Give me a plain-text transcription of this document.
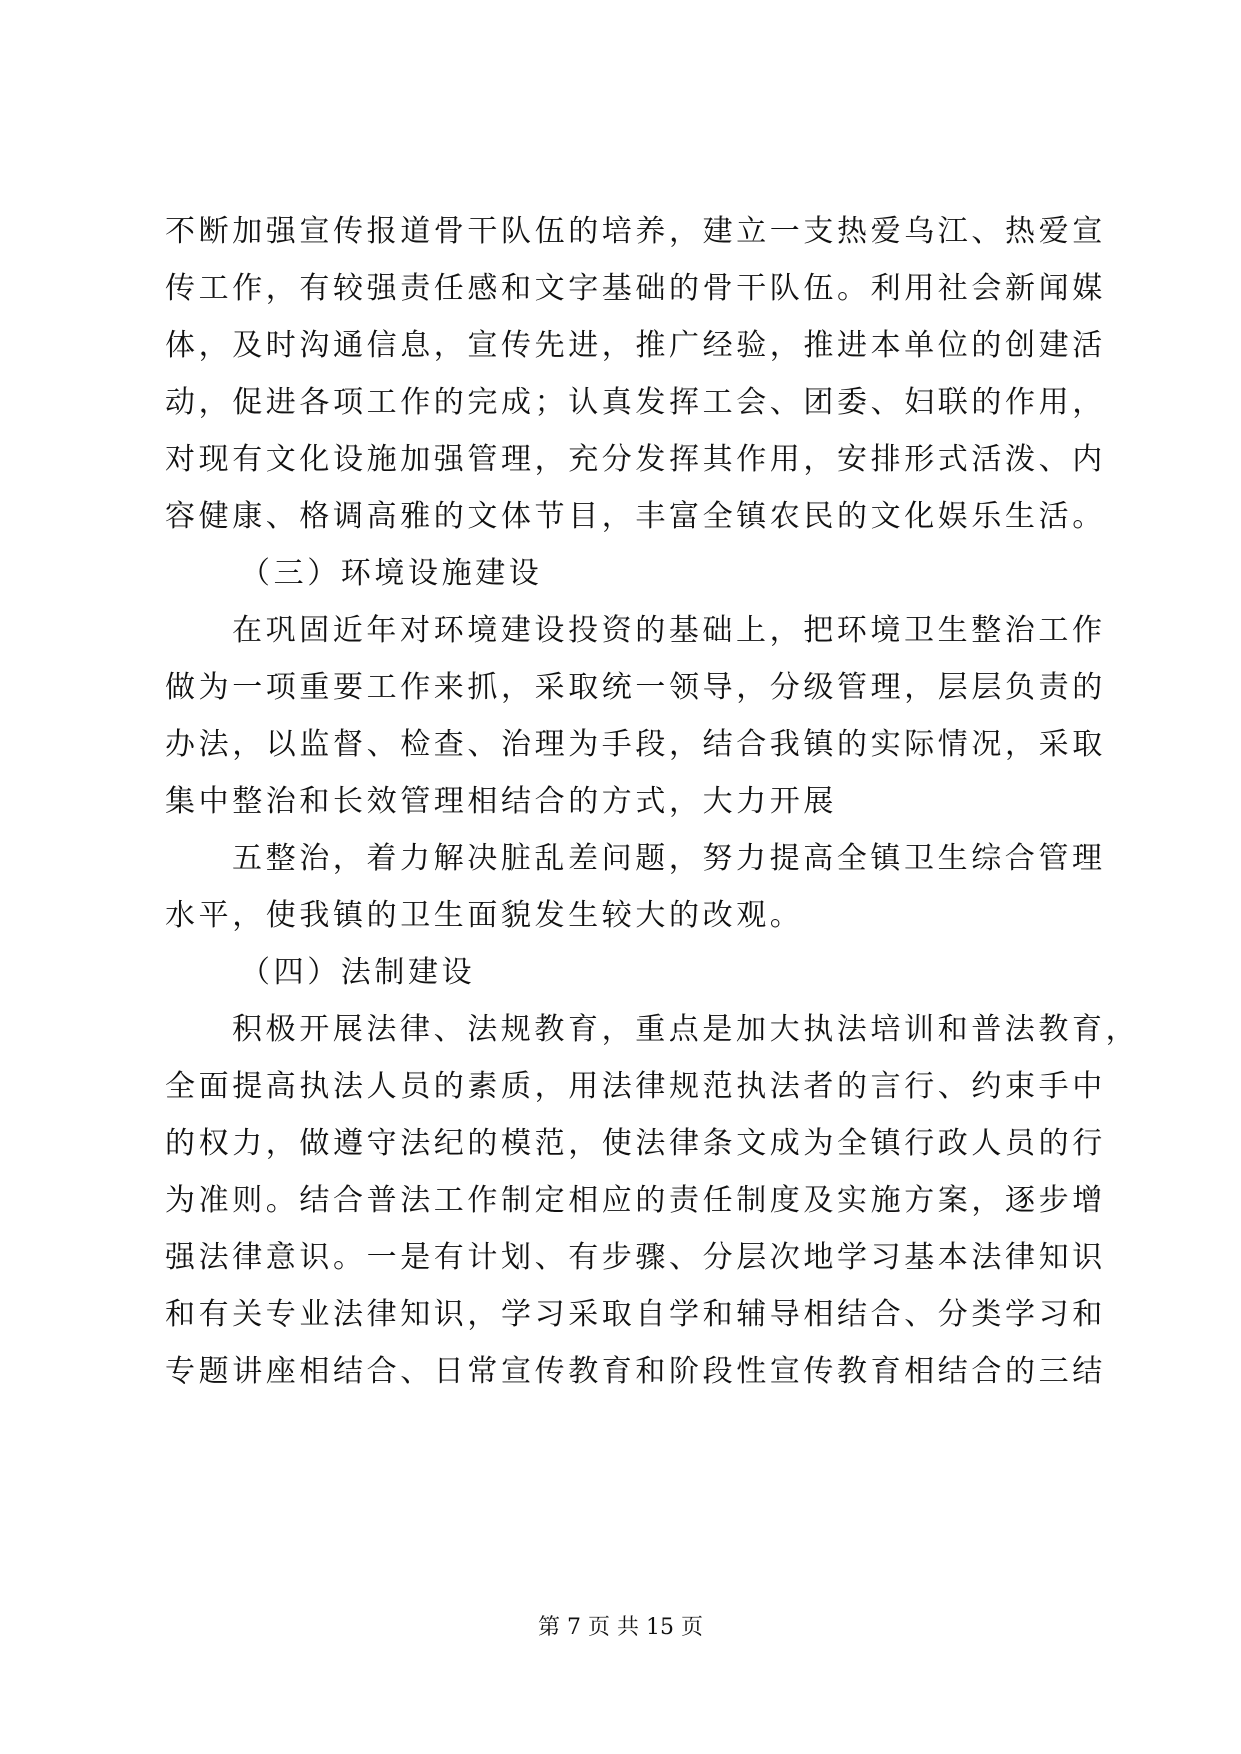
不断加强宣传报道骨干队伍的培养，建立一支热爱乌江、热爱宣
传工作，有较强责任感和文字基础的骨干队伍。利用社会新闻媒
体，及时沟通信息，宣传先进，推广经验，推进本单位的创建活
动，促进各项工作的完成；认真发挥工会、团委、妇联的作用，
对现有文化设施加强管理，充分发挥其作用，安排形式活泼、内
容健康、格调高雅的文体节目，丰富全镇农民的文化娱乐生活。
（三）环境设施建设
在巩固近年对环境建设投资的基础上，把环境卫生整治工作
做为一项重要工作来抓，采取统一领导，分级管理，层层负责的
办法，以监督、检查、治理为手段，结合我镇的实际情况，采取
集中整治和长效管理相结合的方式，大力开展
五整治，着力解决脏乱差问题，努力提高全镇卫生综合管理
水平，使我镇的卫生面貌发生较大的改观。
（四）法制建设
积极开展法律、法规教育，重点是加大执法培训和普法教育，
全面提高执法人员的素质，用法律规范执法者的言行、约束手中
的权力，做遵守法纪的模范，使法律条文成为全镇行政人员的行
为准则。结合普法工作制定相应的责任制度及实施方案，逐步增
强法律意识。一是有计划、有步骤、分层次地学习基本法律知识
和有关专业法律知识，学习采取自学和辅导相结合、分类学习和
专题讲座相结合、日常宣传教育和阶段性宣传教育相结合的三结
第 7 页 共 15 页
